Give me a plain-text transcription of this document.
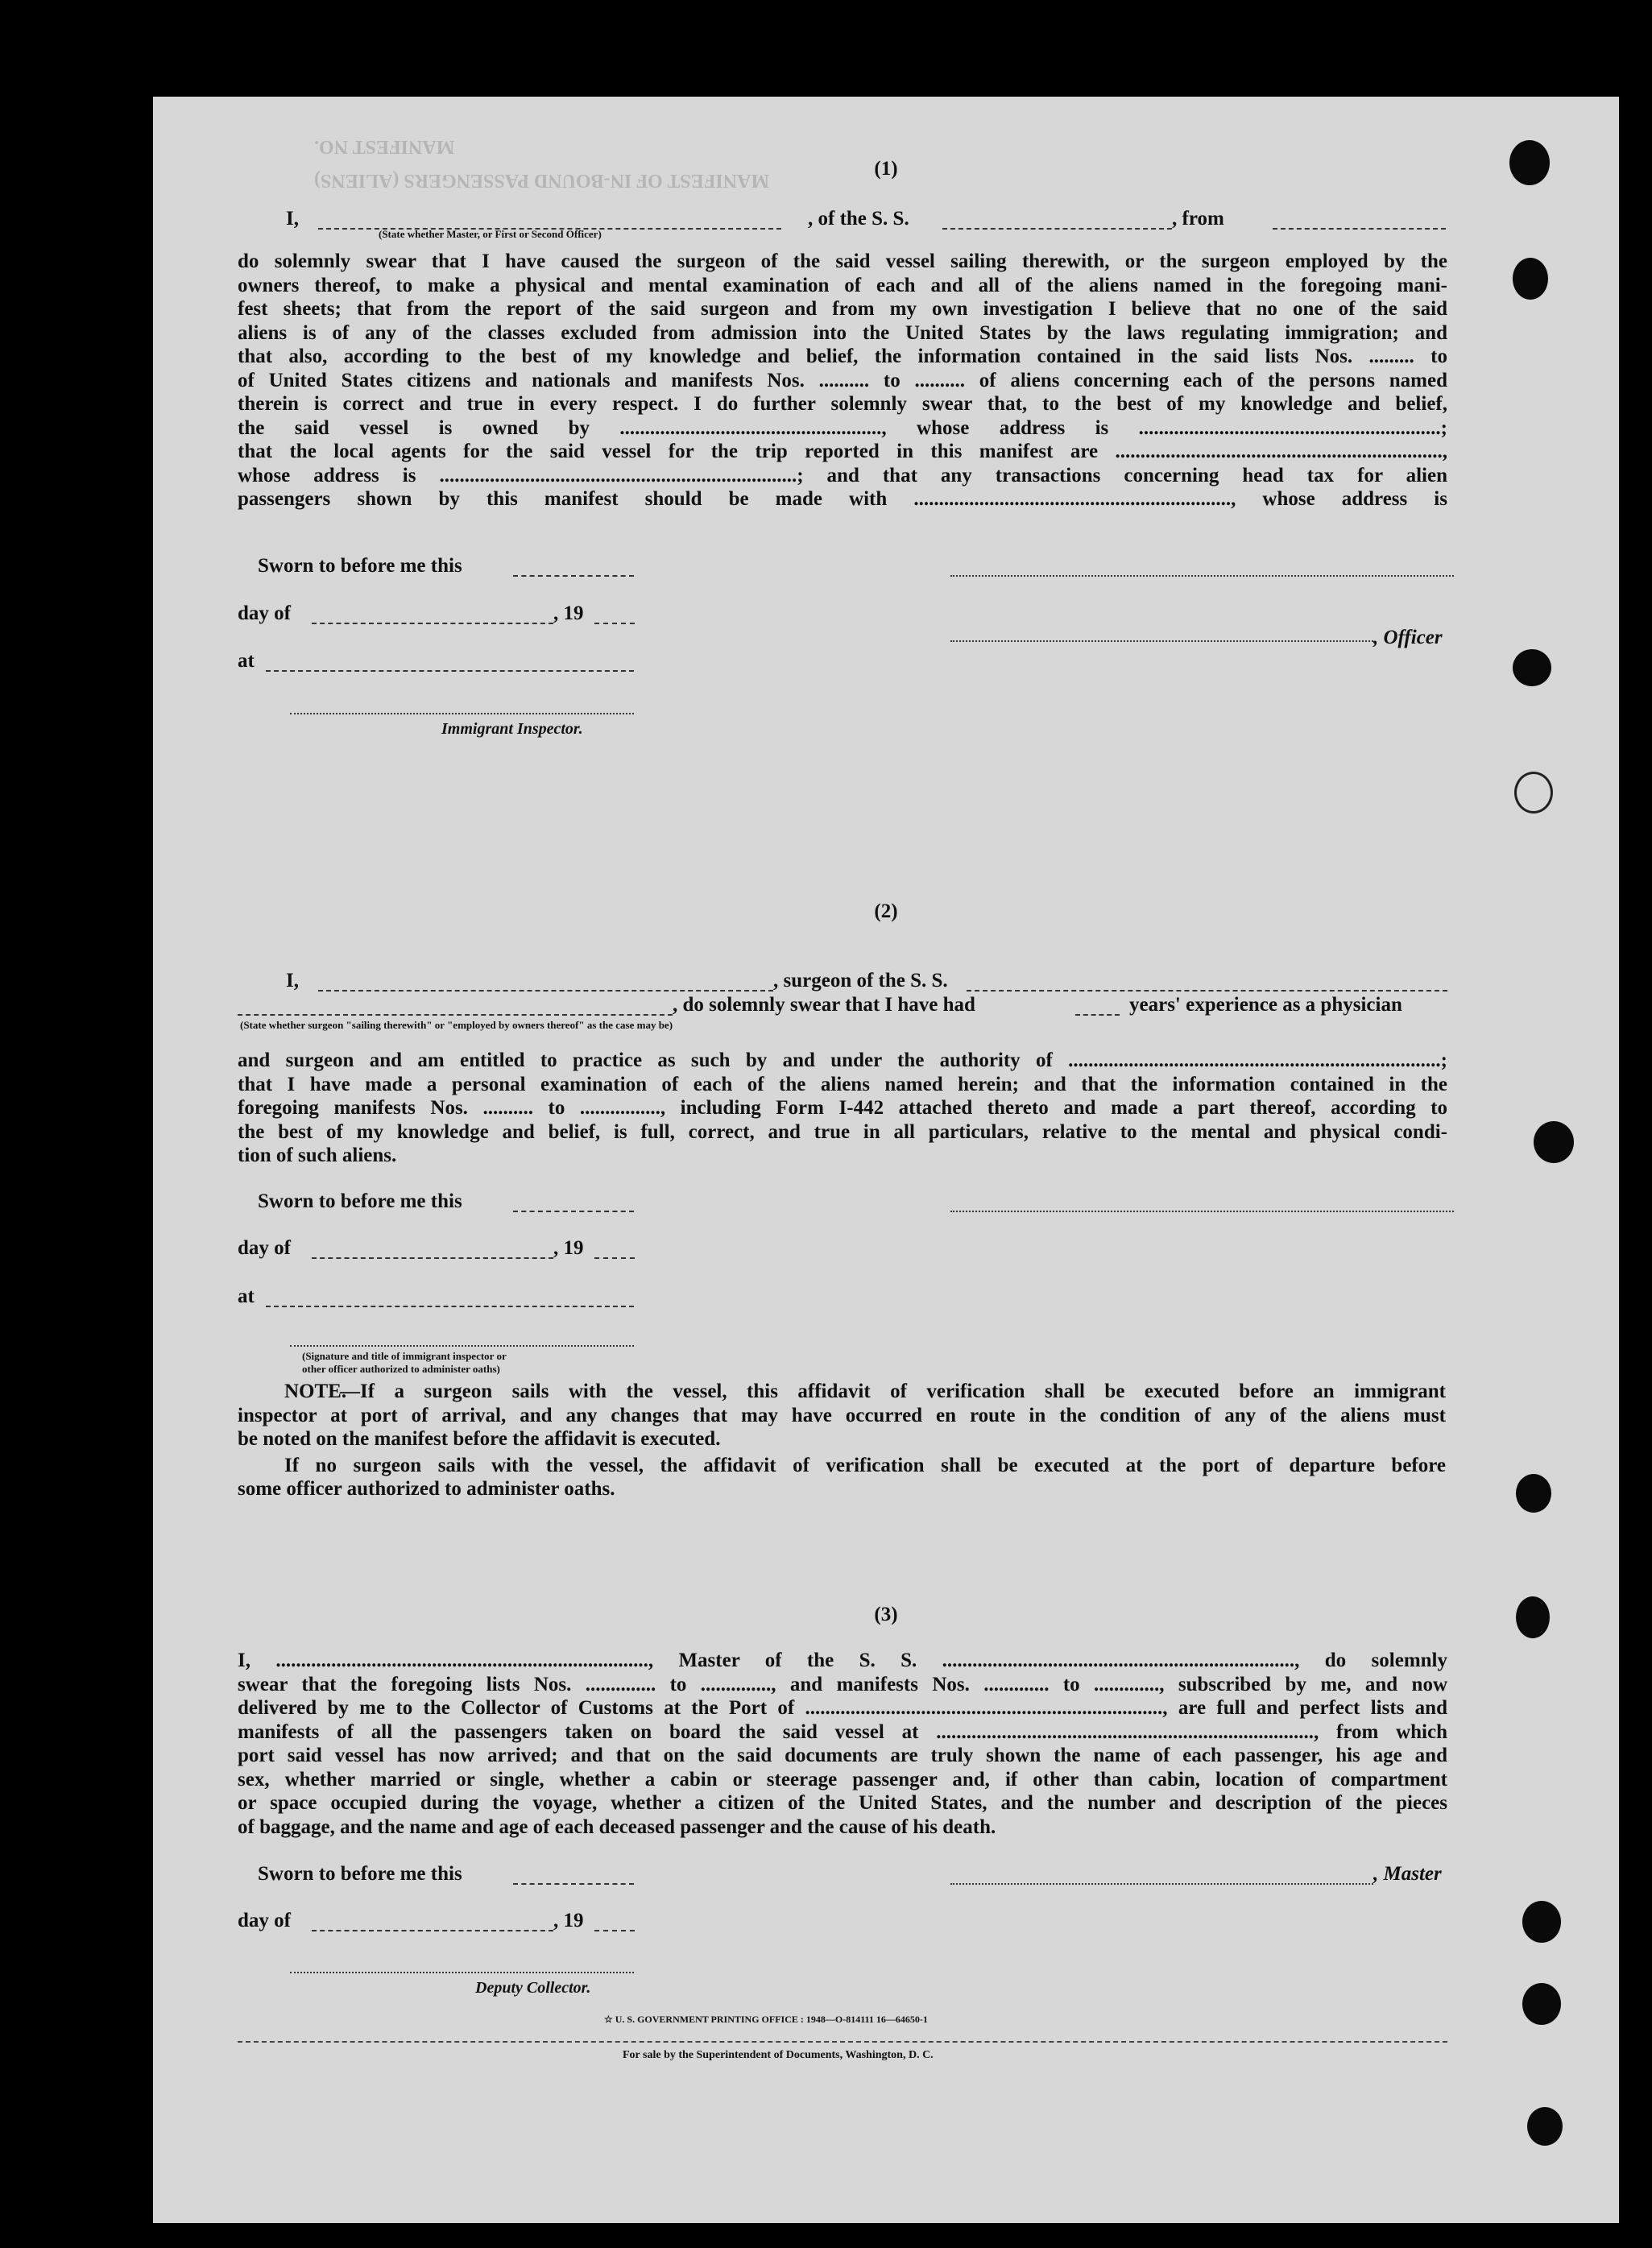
MANIFEST NO.
MANIFEST OF IN-BOUND PASSENGERS (ALIENS)
(1)
I,	, of the S. S.	, from
(State whether Master, or First or Second Officer)
do solemnly swear that I have caused the surgeon of the said vessel sailing therewith, or the surgeon employed by the
owners thereof, to make a physical and mental examination of each and all of the aliens named in the foregoing mani-
fest sheets; that from the report of the said surgeon and from my own investigation I believe that no one of the said
aliens is of any of the classes excluded from admission into the United States by the laws regulating immigration; and
that also, according to the best of my knowledge and belief, the information contained in the said lists Nos. ......... to
of United States citizens and nationals and manifests Nos. .......... to .......... of aliens concerning each of the persons named
therein is correct and true in every respect. I do further solemnly swear that, to the best of my knowledge and belief,
the said vessel is owned by ...................................................., whose address is ............................................................;
that the local agents for the said vessel for the trip reported in this manifest are .................................................................,
whose address is .......................................................................; and that any transactions concerning head tax for alien
passengers shown by this manifest should be made with ..............................................................., whose address is
Sworn to before me this
day of	, 19
, Officer
at
Immigrant Inspector.
(2)
I,	, surgeon of the S. S.
, do solemnly swear that I have had	years' experience as a physician
(State whether surgeon "sailing therewith" or "employed by owners thereof" as the case may be)
and surgeon and am entitled to practice as such by and under the authority of ..........................................................................;
that I have made a personal examination of each of the aliens named herein; and that the information contained in the
foregoing manifests Nos. .......... to ................, including Form I-442 attached thereto and made a part thereof, according to
the best of my knowledge and belief, is full, correct, and true in all particulars, relative to the mental and physical condi-
tion of such aliens.
Sworn to before me this
day of	, 19
at
(Signature and title of immigrant inspector or
other officer authorized to administer oaths)
NOTE.
—If a surgeon sails with the vessel, this affidavit of verification shall be executed before an immigrant
inspector at port of arrival, and any changes that may have occurred en route in the condition of any of the aliens must
be noted on the manifest before the affidavit is executed.
If no surgeon sails with the vessel, the affidavit of verification shall be executed at the port of departure before
some officer authorized to administer oaths.
(3)
I, .........................................................................., Master of the S. S. ......................................................................, do solemnly
swear that the foregoing lists Nos. .............. to .............., and manifests Nos. ............. to ............., subscribed by me, and now
delivered by me to the Collector of Customs at the Port of ......................................................................., are full and perfect lists and
manifests of all the passengers taken on board the said vessel at ..........................................................................., from which
port said vessel has now arrived; and that on the said documents are truly shown the name of each passenger, his age and
sex, whether married or single, whether a cabin or steerage passenger and, if other than cabin, location of compartment
or space occupied during the voyage, whether a citizen of the United States, and the number and description of the pieces
of baggage, and the name and age of each deceased passenger and the cause of his death.
Sworn to before me this	, Master
day of	, 19
Deputy Collector.
☆ U. S. GOVERNMENT PRINTING OFFICE : 1948—O-814111 16—64650-1
For sale by the Superintendent of Documents, Washington, D. C.
